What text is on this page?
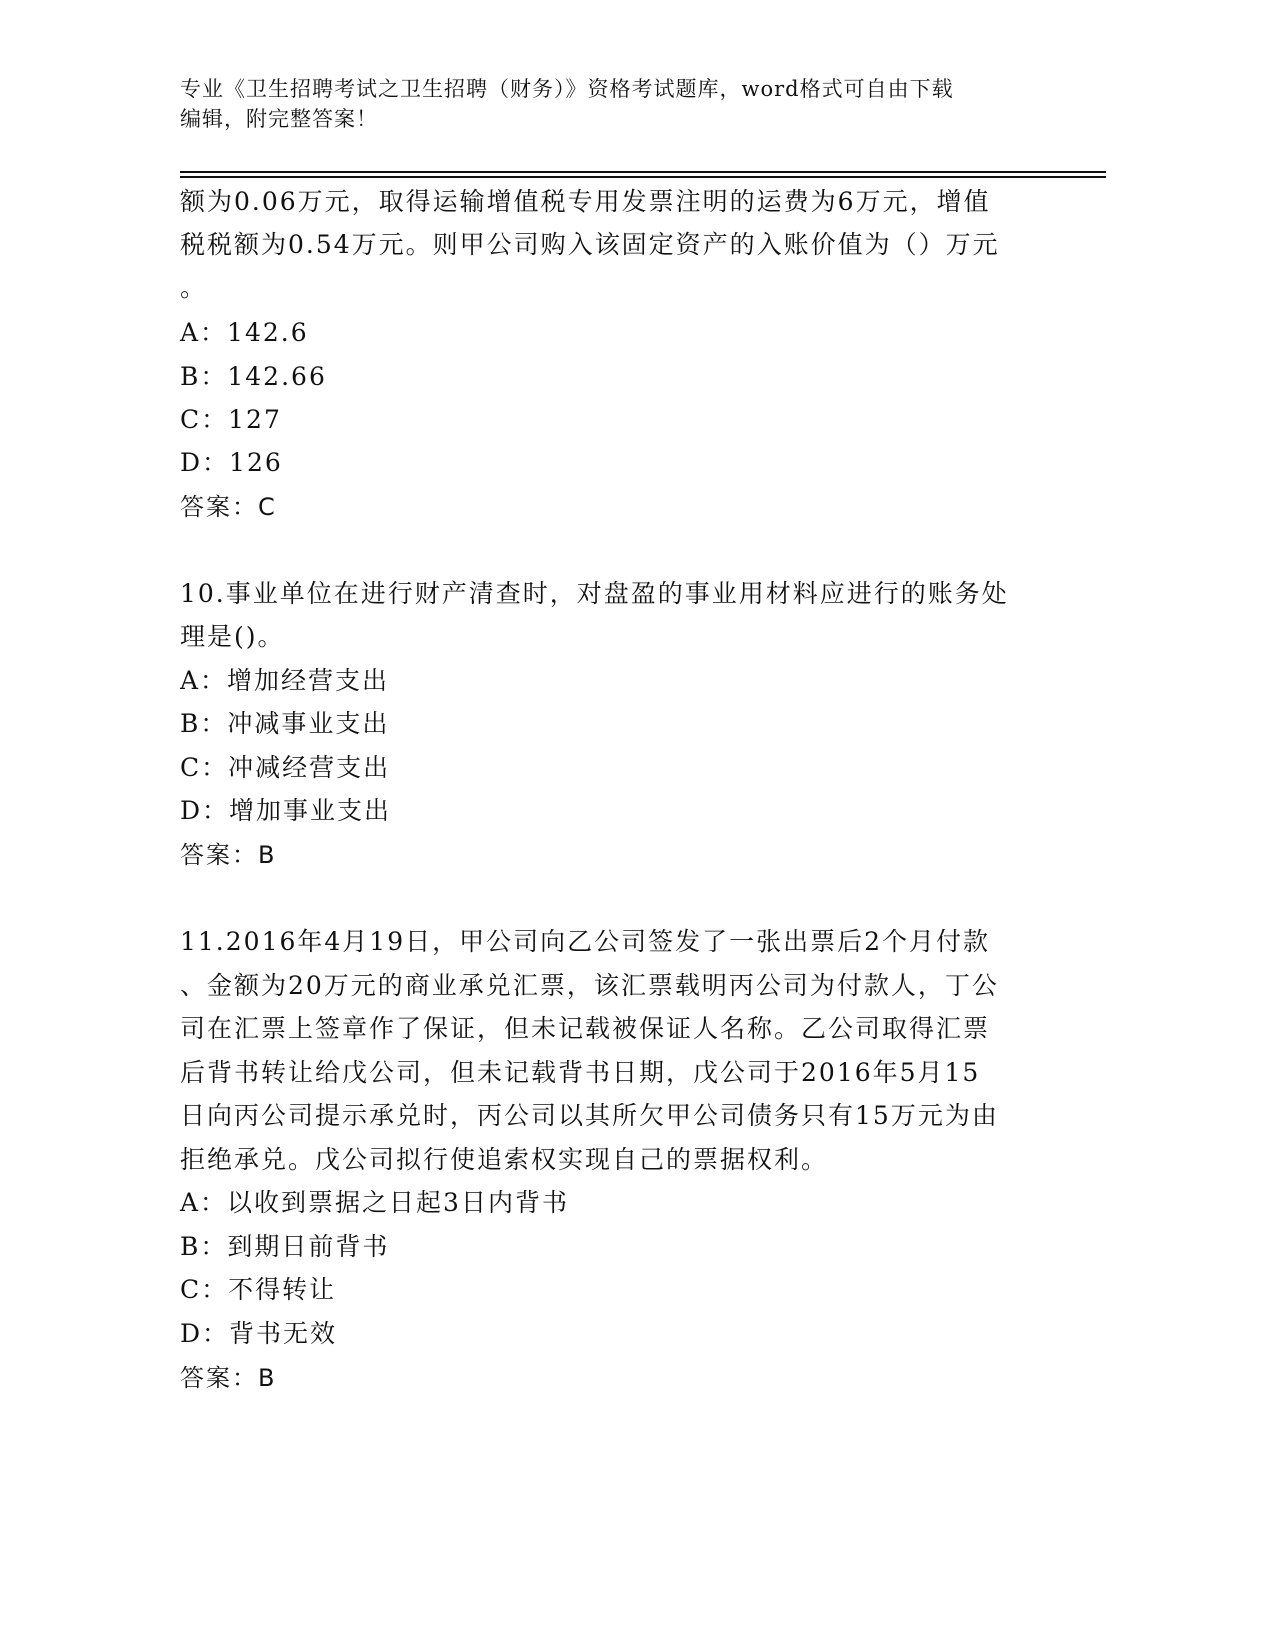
专业《卫生招聘考试之卫生招聘（财务）》资格考试题库，word格式可自由下载
编辑，附完整答案！
额为0.06万元，取得运输增值税专用发票注明的运费为6万元，增值
税税额为0.54万元。则甲公司购入该固定资产的入账价值为（）万元
。
A：142.6
B：142.66
C：127
D：126
答案：C
10.事业单位在进行财产清查时，对盘盈的事业用材料应进行的账务处
理是()。
A：增加经营支出
B：冲减事业支出
C：冲减经营支出
D：增加事业支出
答案：B
11.2016年4月19日，甲公司向乙公司签发了一张出票后2个月付款
、金额为20万元的商业承兑汇票，该汇票载明丙公司为付款人，丁公
司在汇票上签章作了保证，但未记载被保证人名称。乙公司取得汇票
后背书转让给戊公司，但未记载背书日期，戊公司于2016年5月15
日向丙公司提示承兑时，丙公司以其所欠甲公司债务只有15万元为由
拒绝承兑。戊公司拟行使追索权实现自己的票据权利。
A：以收到票据之日起3日内背书
B：到期日前背书
C：不得转让
D：背书无效
答案：B
